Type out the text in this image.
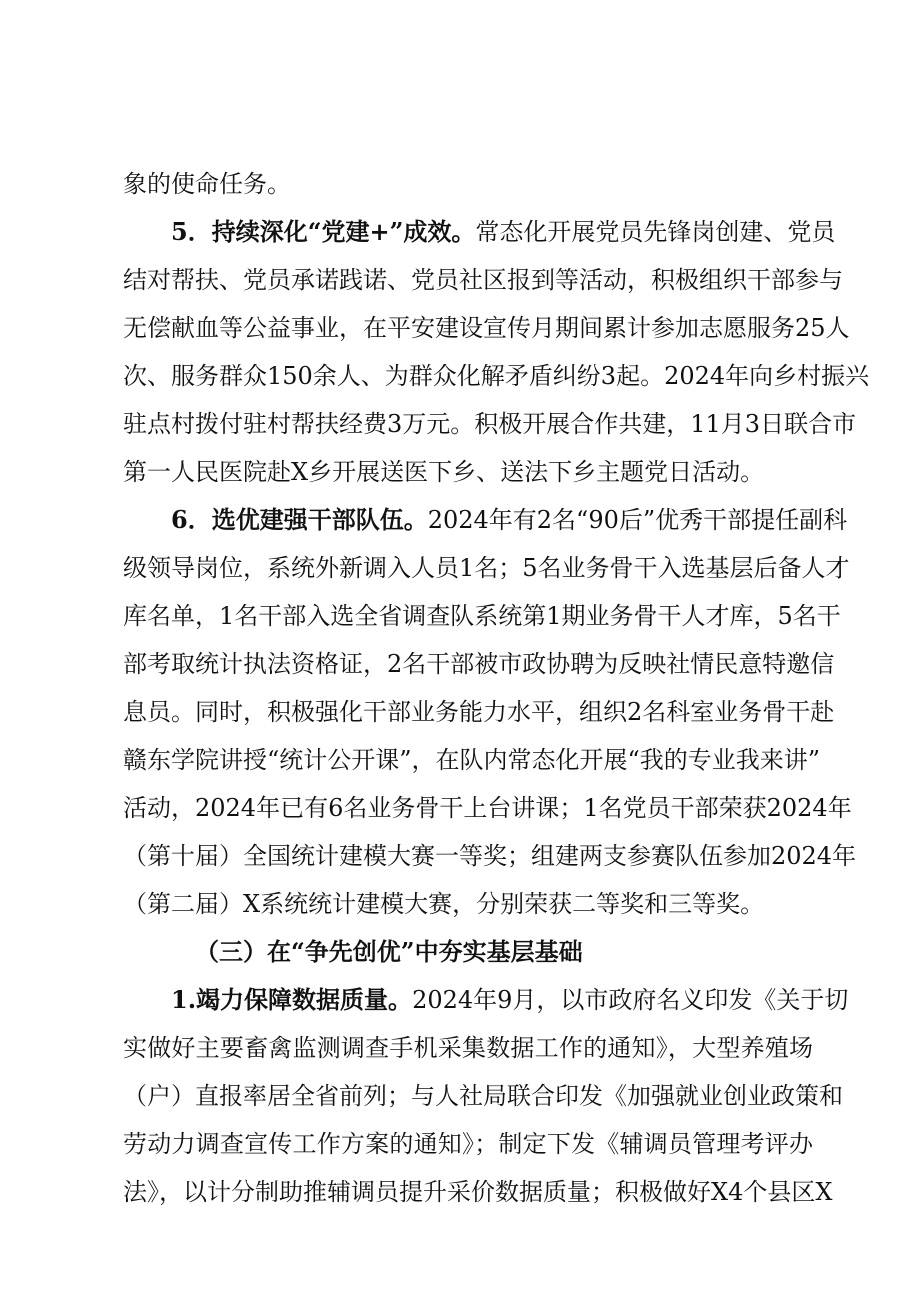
象的使命任务。
5．持续深化“党建+”成效。常态化开展党员先锋岗创建、党员
结对帮扶、党员承诺践诺、党员社区报到等活动，积极组织干部参与
无偿献血等公益事业，在平安建设宣传月期间累计参加志愿服务25人
次、服务群众150余人、为群众化解矛盾纠纷3起。2024年向乡村振兴
驻点村拨付驻村帮扶经费3万元。积极开展合作共建，11月3日联合市
第一人民医院赴X乡开展送医下乡、送法下乡主题党日活动。
6．选优建强干部队伍。2024年有2名“90后”优秀干部提任副科
级领导岗位，系统外新调入人员1名；5名业务骨干入选基层后备人才
库名单，1名干部入选全省调查队系统第1期业务骨干人才库，5名干
部考取统计执法资格证，2名干部被市政协聘为反映社情民意特邀信
息员。同时，积极强化干部业务能力水平，组织2名科室业务骨干赴
赣东学院讲授“统计公开课”，在队内常态化开展“我的专业我来讲”
活动，2024年已有6名业务骨干上台讲课；1名党员干部荣获2024年
（第十届）全国统计建模大赛一等奖；组建两支参赛队伍参加2024年
（第二届）X系统统计建模大赛，分别荣获二等奖和三等奖。
（三）在“争先创优”中夯实基层基础
1.竭力保障数据质量。2024年9月，以市政府名义印发《关于切
实做好主要畜禽监测调查手机采集数据工作的通知》，大型养殖场
（户）直报率居全省前列；与人社局联合印发《加强就业创业政策和
劳动力调查宣传工作方案的通知》；制定下发《辅调员管理考评办
法》，以计分制助推辅调员提升采价数据质量；积极做好X4个县区X
